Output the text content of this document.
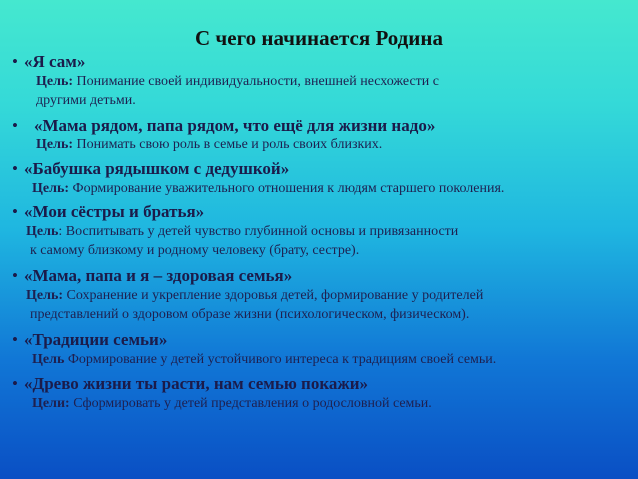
С чего начинается Родина
• «Я сам»
Цель: Понимание своей индивидуальности, внешней несхожести с
другими детьми.
• «Мама рядом, папа рядом, что ещё для жизни надо»
Цель: Понимать свою роль в семье и роль своих близких.
• «Бабушка рядышком с дедушкой»
Цель: Формирование уважительного отношения к людям старшего поколения.
• «Мои сёстры и братья»
Цель: Воспитывать у детей чувство глубинной основы и привязанности
к самому близкому и родному человеку (брату, сестре).
• «Мама, папа и я – здоровая семья»
Цель: Сохранение и укрепление здоровья детей, формирование у родителей
представлений о здоровом образе жизни (психологическом, физическом).
• «Традиции семьи»
Цель Формирование у детей устойчивого интереса к традициям своей семьи.
• «Древо жизни ты расти, нам семью покажи»
Цели: Сформировать у детей представления о родословной семьи.
